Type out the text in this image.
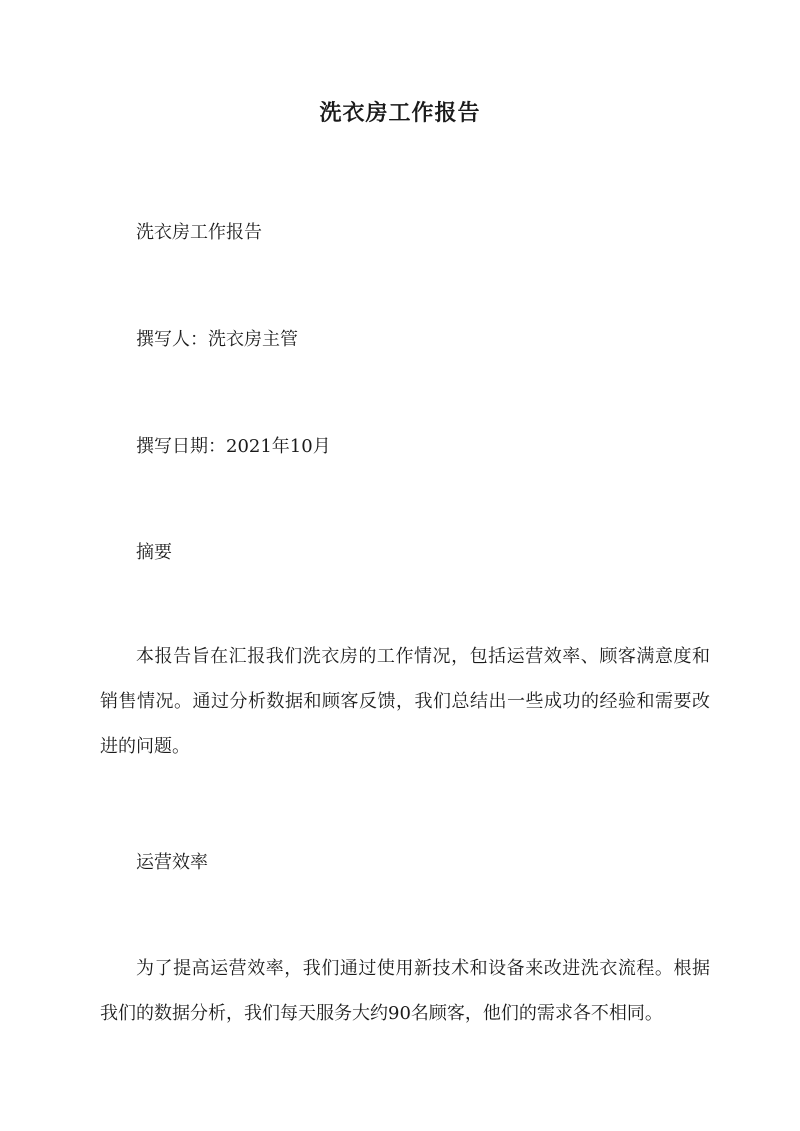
洗衣房工作报告
洗衣房工作报告
撰写人：洗衣房主管
撰写日期：2021年10月
摘要
本报告旨在汇报我们洗衣房的工作情况，包括运营效率、顾客满意度和销售情况。通过分析数据和顾客反馈，我们总结出一些成功的经验和需要改进的问题。
运营效率
为了提高运营效率，我们通过使用新技术和设备来改进洗衣流程。根据我们的数据分析，我们每天服务大约90名顾客，他们的需求各不相同。
